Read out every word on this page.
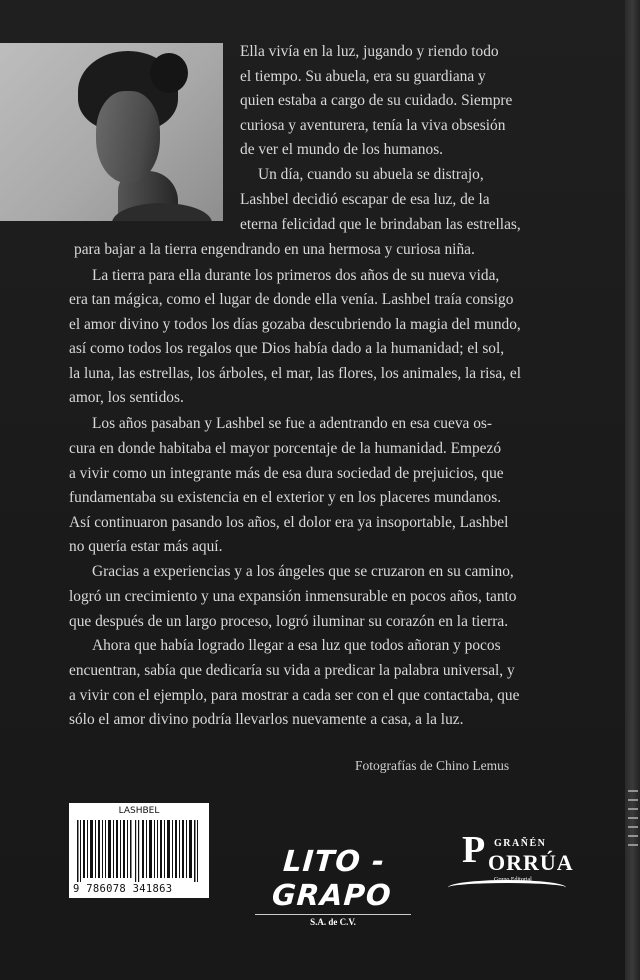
Ella vivía en la luz, jugando y riendo todo
el tiempo. Su abuela, era su guardiana y
quien estaba a cargo de su cuidado. Siempre
curiosa y aventurera, tenía la viva obsesión
de ver el mundo de los humanos.
Un día, cuando su abuela se distrajo,
Lashbel decidió escapar de esa luz, de la
eterna felicidad que le brindaban las estrellas,
para bajar a la tierra engendrando en una hermosa y curiosa niña.
La tierra para ella durante los primeros dos años de su nueva vida,
era tan mágica, como el lugar de donde ella venía. Lashbel traía consigo
el amor divino y todos los días gozaba descubriendo la magia del mundo,
así como todos los regalos que Dios había dado a la humanidad; el sol,
la luna, las estrellas, los árboles, el mar, las flores, los animales, la risa, el
amor, los sentidos.
Los años pasaban y Lashbel se fue a adentrando en esa cueva os-
cura en donde habitaba el mayor porcentaje de la humanidad. Empezó
a vivir como un integrante más de esa dura sociedad de prejuicios, que
fundamentaba su existencia en el exterior y en los placeres mundanos.
Así continuaron pasando los años, el dolor era ya insoportable, Lashbel
no quería estar más aquí.
Gracias a experiencias y a los ángeles que se cruzaron en su camino,
logró un crecimiento y una expansión inmensurable en pocos años, tanto
que después de un largo proceso, logró iluminar su corazón en la tierra.
Ahora que había logrado llegar a esa luz que todos añoran y pocos
encuentran, sabía que dedicaría su vida a predicar la palabra universal, y
a vivir con el ejemplo, para mostrar a cada ser con el que contactaba, que
sólo el amor divino podría llevarlos nuevamente a casa, a la luz.
Fotografías de Chino Lemus
LASHBEL
9 786078 341863
LITO - GRAPO
S.A. de C.V.
P GRAÑÉN
ORRÚA
Grupo Editorial
